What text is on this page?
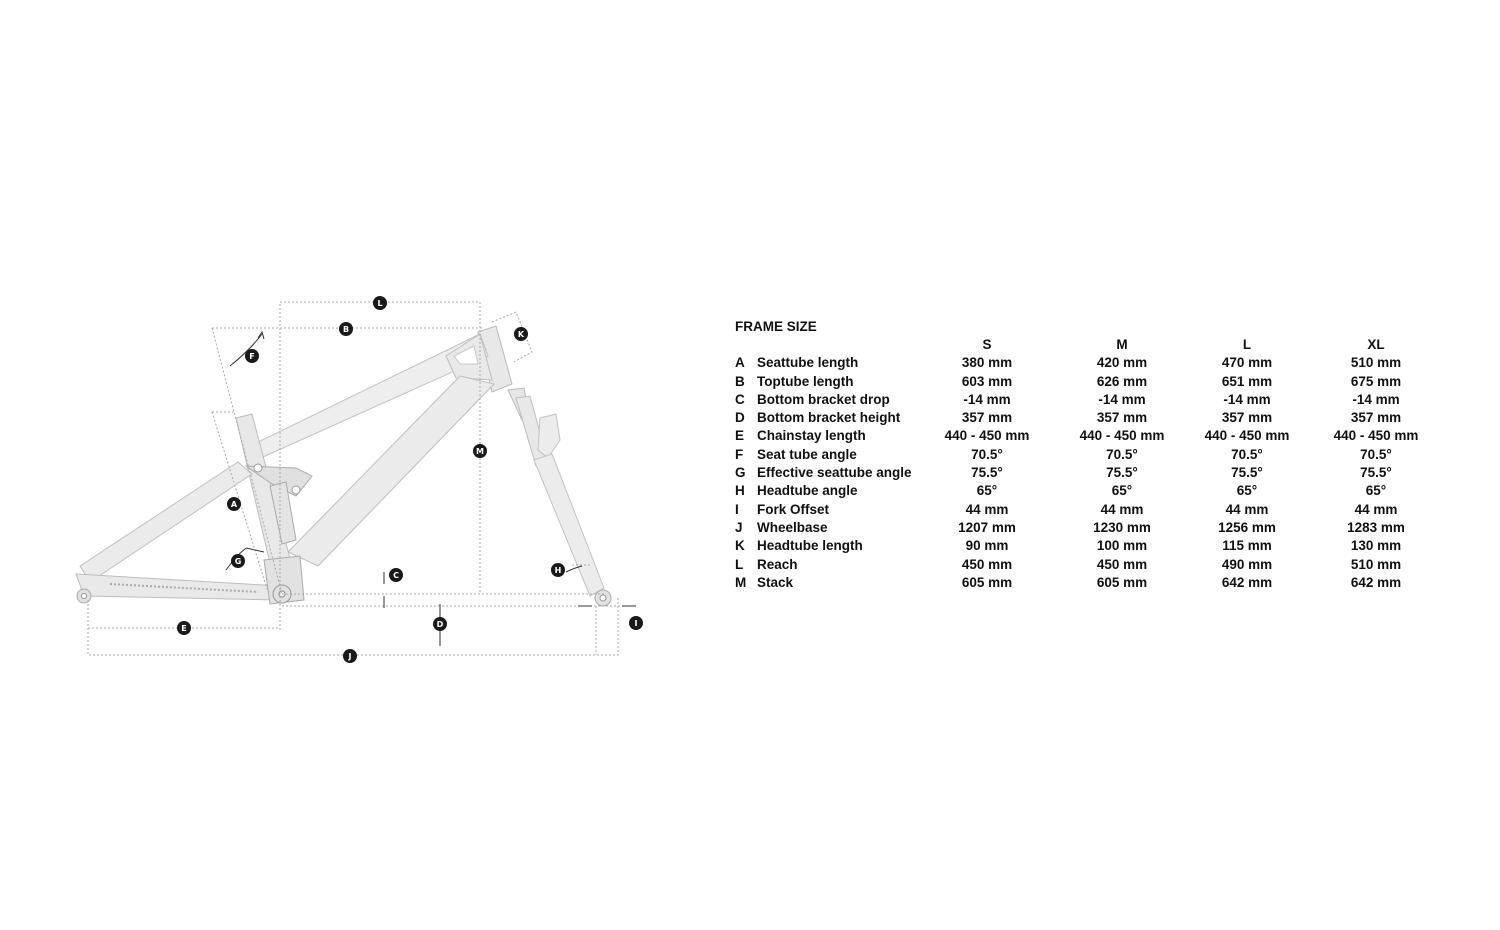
A
B
C
D
E
F
G
H
I
J
K
L
M
FRAME SIZE
S	M	L	XL
A Seattube length	380 mm	420 mm	470 mm	510 mm
B Toptube length	603 mm	626 mm	651 mm	675 mm
C Bottom bracket drop	-14 mm	-14 mm	-14 mm	-14 mm
D Bottom bracket height	357 mm	357 mm	357 mm	357 mm
E Chainstay length	440 - 450 mm	440 - 450 mm	440 - 450 mm	440 - 450 mm
F	Seat tube angle	70.5°	70.5°	70.5°	70.5°
G Effective seattube angle	75.5°	75.5°	75.5°	75.5°
H Headtube angle	65°	65°	65°	65°
I	Fork Offset	44 mm	44 mm	44 mm	44 mm
J	Wheelbase	1207 mm	1230 mm	1256 mm	1283 mm
K Headtube length	90 mm	100 mm	115 mm	130 mm
L	Reach	450 mm	450 mm	490 mm	510 mm
M Stack	605 mm	605 mm	642 mm	642 mm
